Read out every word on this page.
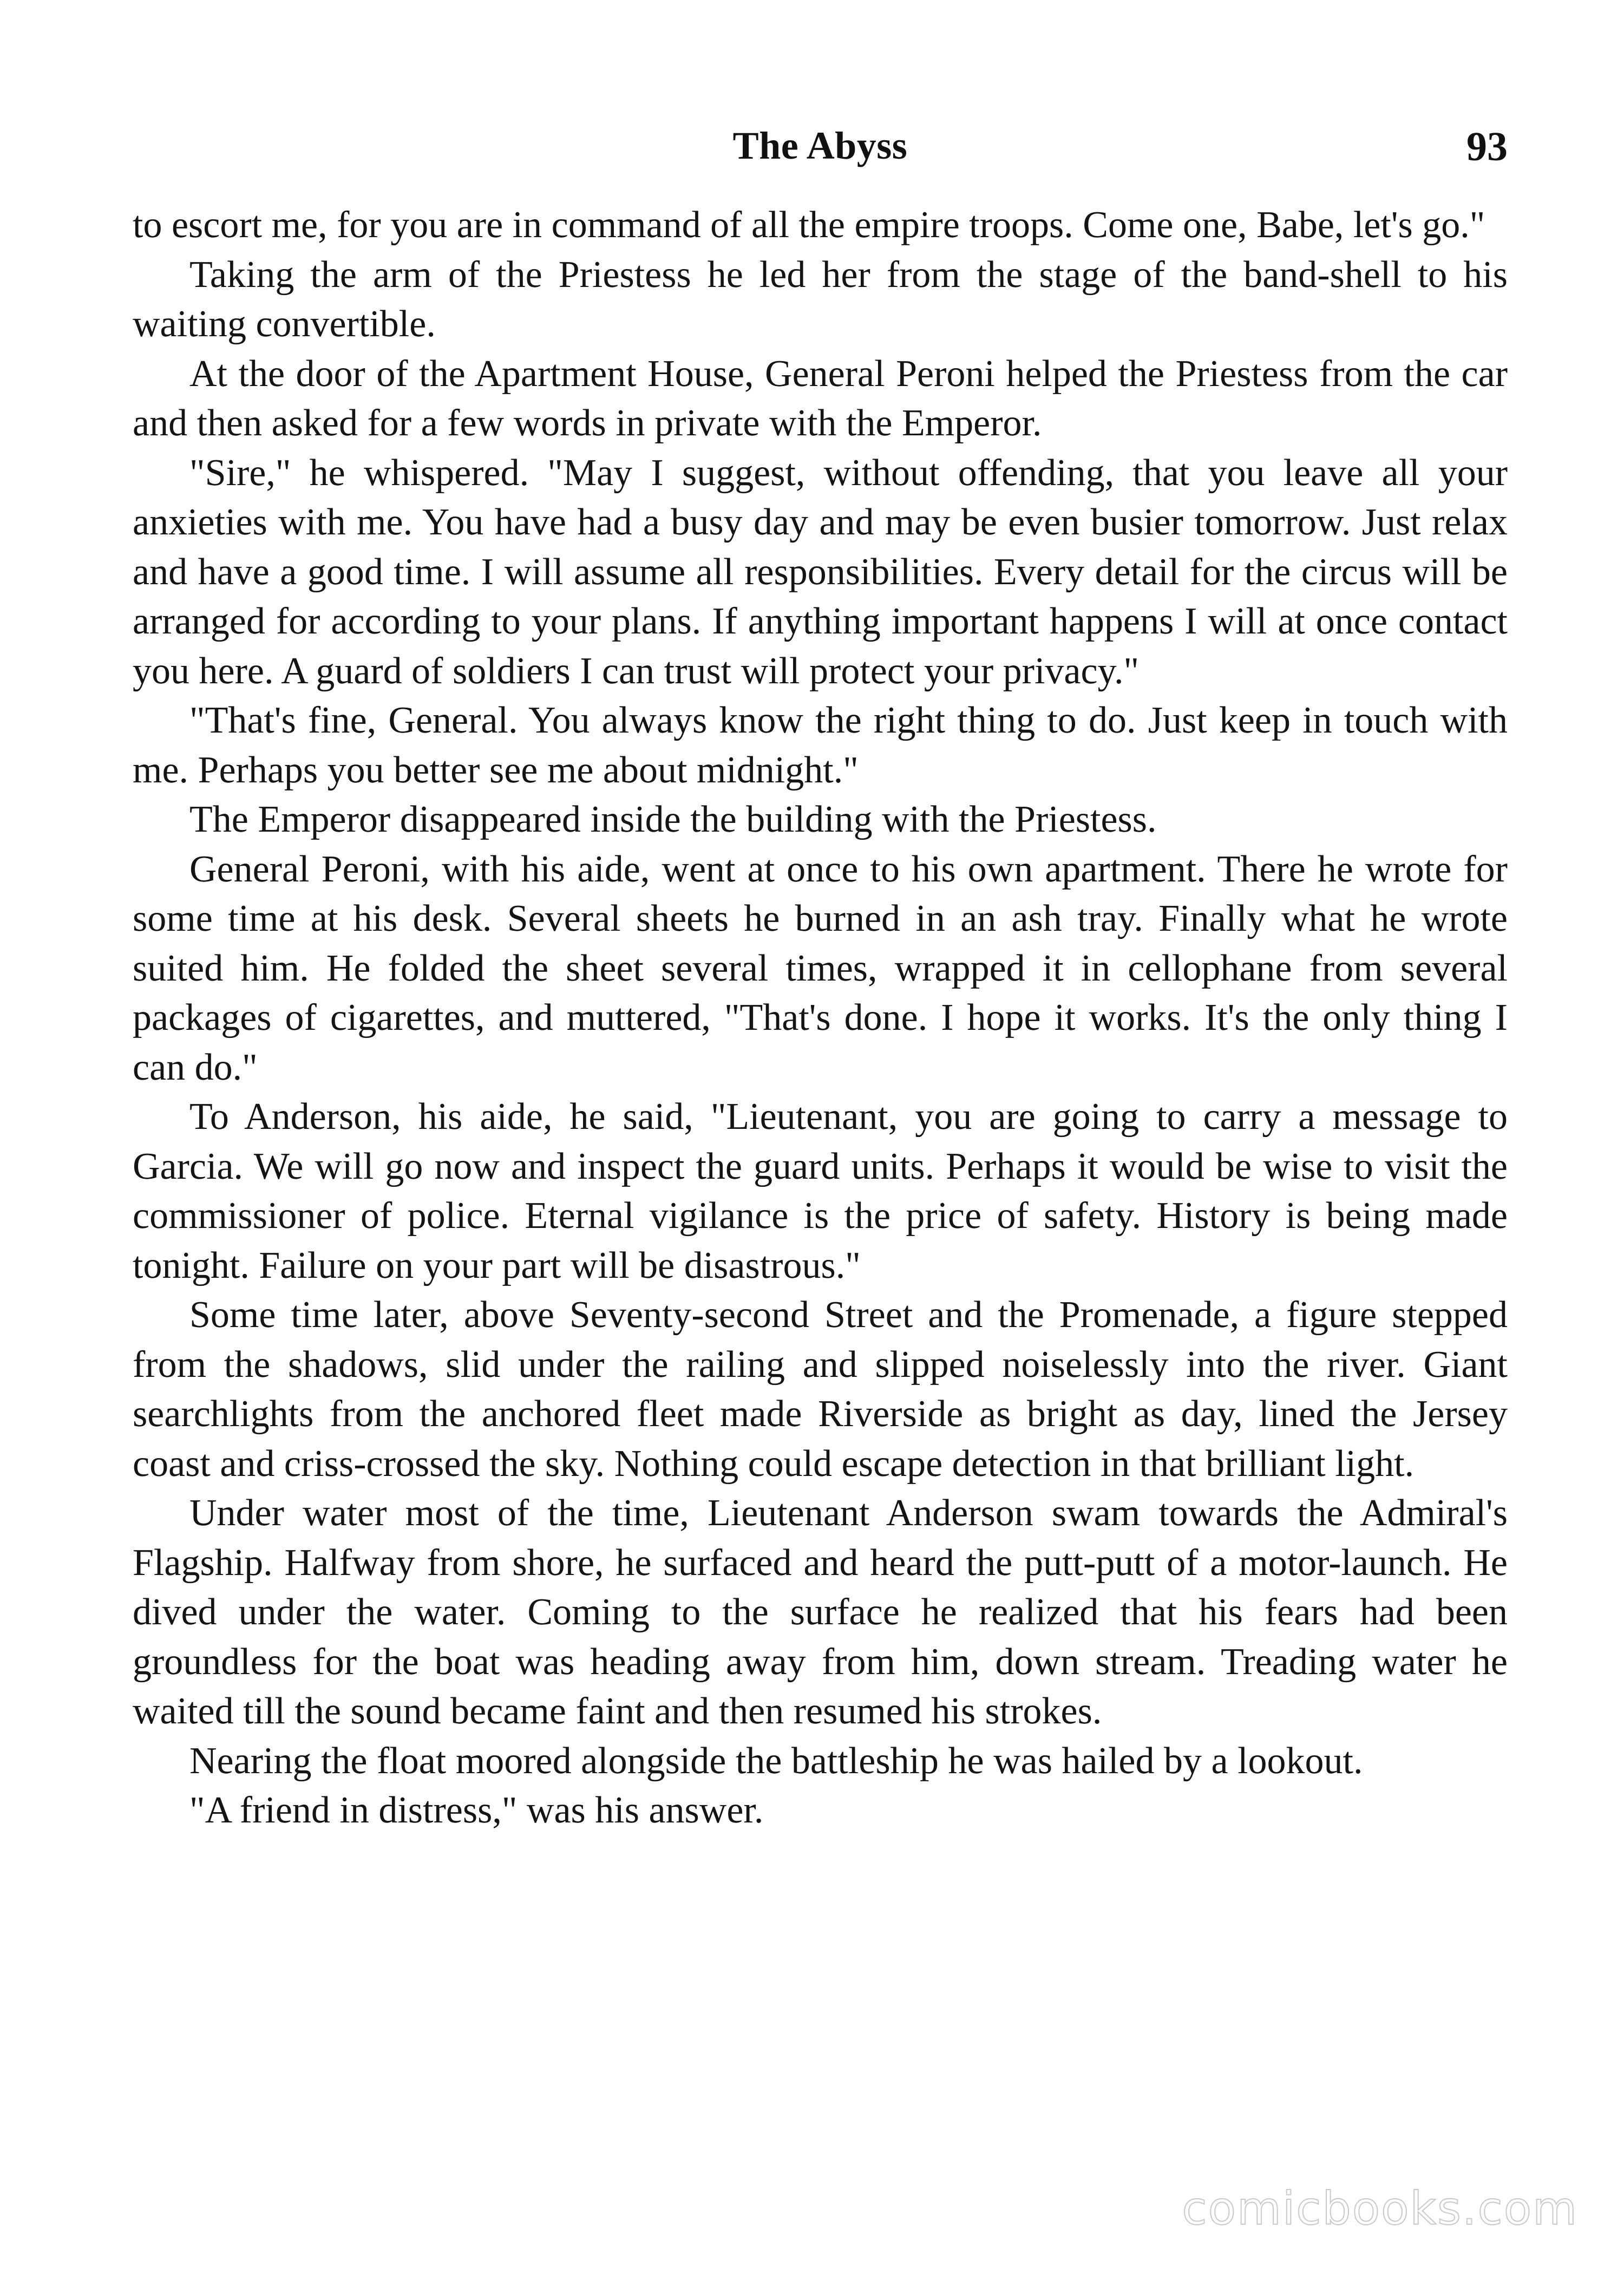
The Abyss	93

to escort me, for you are in command of all the empire troops. Come one, Babe, let's go."

Taking the arm of the Priestess he led her from the stage of the band-shell to his waiting convertible.

At the door of the Apartment House, General Peroni helped the Priestess from the car and then asked for a few words in private with the Emperor.

"Sire," he whispered. "May I suggest, without offending, that you leave all your anxieties with me. You have had a busy day and may be even busier tomorrow. Just relax and have a good time. I will assume all responsibilities. Every detail for the circus will be arranged for according to your plans. If anything important happens I will at once contact you here. A guard of soldiers I can trust will protect your privacy."

"That's fine, General. You always know the right thing to do. Just keep in touch with me. Perhaps you better see me about midnight."

The Emperor disappeared inside the building with the Priestess.

General Peroni, with his aide, went at once to his own apartment. There he wrote for some time at his desk. Several sheets he burned in an ash tray. Finally what he wrote suited him. He folded the sheet several times, wrapped it in cellophane from several packages of cigarettes, and muttered, "That's done. I hope it works. It's the only thing I can do."

To Anderson, his aide, he said, "Lieutenant, you are going to carry a message to Garcia. We will go now and inspect the guard units. Perhaps it would be wise to visit the commissioner of police. Eternal vigilance is the price of safety. History is being made tonight. Failure on your part will be disastrous."

Some time later, above Seventy-second Street and the Promenade, a figure stepped from the shadows, slid under the railing and slipped noiselessly into the river. Giant searchlights from the anchored fleet made Riverside as bright as day, lined the Jersey coast and criss-crossed the sky. Nothing could escape detection in that brilliant light.

Under water most of the time, Lieutenant Anderson swam towards the Admiral's Flagship. Halfway from shore, he surfaced and heard the putt-putt of a motor-launch. He dived under the water. Coming to the surface he realized that his fears had been groundless for the boat was heading away from him, down stream. Treading water he waited till the sound became faint and then resumed his strokes.

Nearing the float moored alongside the battleship he was hailed by a lookout.

"A friend in distress," was his answer.

comicbooks.com
